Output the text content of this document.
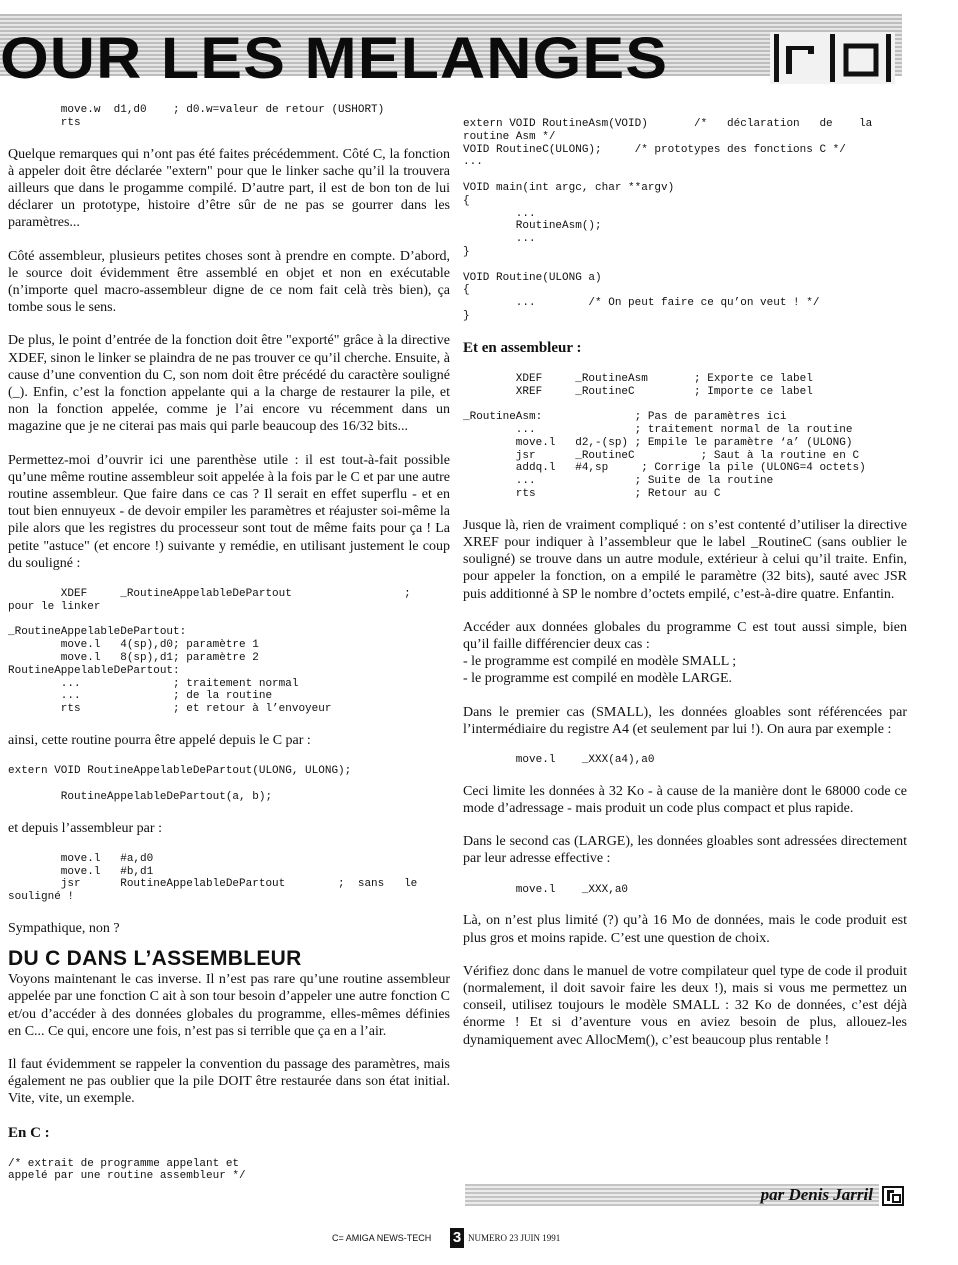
OUR LES MELANGES
move.w  d1,d0    ; d0.w=valeur de retour (USHORT)
rts

Quelque remarques qui n’ont pas été faites précédemment. Côté C, la fonction à appeler doit être déclarée "extern" pour que le linker sache qu’il la trouvera ailleurs que dans le progamme compilé. D’autre part, il est de bon ton de lui déclarer un prototype, histoire d’être sûr de ne pas se gourrer dans les paramètres...

Côté assembleur, plusieurs petites choses sont à prendre en compte. D’abord, le source doit évidemment être assemblé en objet et non en exécutable (n’importe quel macro-assembleur digne de ce nom fait celà très bien), ça tombe sous le sens.

De plus, le point d’entrée de la fonction doit être "exporté" grâce à la directive XDEF, sinon le linker se plaindra de ne pas trouver ce qu’il cherche. Ensuite, à cause d’une convention du C, son nom doit être précédé du caractère souligné (_). Enfin, c’est la fonction appelante qui a la charge de restaurer la pile, et non la fonction appelée, comme je l’ai encore vu récemment dans un magazine que je ne citerai pas mais qui parle beaucoup des 16/32 bits...

Permettez-moi d’ouvrir ici une parenthèse utile : il est tout-à-fait possible qu’une même routine assembleur soit appelée à la fois par le C et par une autre routine assembleur. Que faire dans ce cas ? Il serait en effet superflu - et en tout bien ennuyeux - de devoir empiler les paramètres et réajuster soi-même la pile alors que les registres du processeur sont tout de même faits pour ça ! La petite "astuce" (et encore !) suivante y remédie, en utilisant justement le coup du souligné :

XDEF     _RoutineAppelableDePartout                 ;
pour le linker

_RoutineAppelableDePartout:
move.l   4(sp),d0; paramètre 1
move.l   8(sp),d1; paramètre 2
RoutineAppelableDePartout:
...              ; traitement normal
...              ; de la routine
rts              ; et retour à l’envoyeur

ainsi, cette routine pourra être appelé depuis le C par :

extern VOID RoutineAppelableDePartout(ULONG, ULONG);

RoutineAppelableDePartout(a, b);

et depuis l’assembleur par :

move.l   #a,d0
move.l   #b,d1
jsr      RoutineAppelableDePartout        ;  sans   le
souligné !

Sympathique, non ?

DU C DANS L’ASSEMBLEUR

Voyons maintenant le cas inverse. Il n’est pas rare qu’une routine assembleur appelée par une fonction C ait à son tour besoin d’appeler une autre fonction C et/ou d’accéder à des données globales du programme, elles-mêmes définies en C... Ce qui, encore une fois, n’est pas si terrible que ça en a l’air.

Il faut évidemment se rappeler la convention du passage des paramètres, mais également ne pas oublier que la pile DOIT être restaurée dans son état initial. Vite, vite, un exemple.

En C :
/* extrait de programme appelant et
appelé par une routine assembleur */
extern VOID RoutineAsm(VOID)       /*   déclaration   de    la
routine Asm */
VOID RoutineC(ULONG);     /* prototypes des fonctions C */
...

VOID main(int argc, char **argv)
{
...
RoutineAsm();
...
}

VOID Routine(ULONG a)
{
...        /* On peut faire ce qu’on veut ! */
}
Et en assembleur :
XDEF     _RoutineAsm       ; Exporte ce label
XREF     _RoutineC         ; Importe ce label

_RoutineAsm:              ; Pas de paramètres ici
...               ; traitement normal de la routine
move.l   d2,-(sp) ; Empile le paramètre ‘a’ (ULONG)
jsr      _RoutineC          ; Saut à la routine en C
addq.l   #4,sp     ; Corrige la pile (ULONG=4 octets)
...               ; Suite de la routine
rts               ; Retour au C

Jusque là, rien de vraiment compliqué : on s’est contenté d’utiliser la directive XREF pour indiquer à l’assembleur que le label _RoutineC (sans oublier le souligné) se trouve dans un autre module, extérieur à celui qu’il traite. Enfin, pour appeler la fonction, on a empilé le paramètre (32 bits), sauté avec JSR puis additionné à SP le nombre d’octets empilé, c’est-à-dire quatre. Enfantin.

Accéder aux données globales du programme C est tout aussi simple, bien qu’il faille différencier deux cas :
- le programme est compilé en modèle SMALL ;
- le programme est compilé en modèle LARGE.

Dans le premier cas (SMALL), les données gloables sont référencées par l’intermédiaire du registre A4 (et seulement par lui !). On aura par exemple :

move.l    _XXX(a4),a0

Ceci limite les données à 32 Ko - à cause de la manière dont le 68000 code ce mode d’adressage - mais produit un code plus compact et plus rapide.

Dans le second cas (LARGE), les données gloables sont adressées directement par leur adresse effective :

move.l    _XXX,a0

Là, on n’est plus limité (?) qu’à 16 Mo de données, mais le code produit est plus gros et moins rapide. C’est une question de choix.

Vérifiez donc dans le manuel de votre compilateur quel type de code il produit (normalement, il doit savoir faire les deux !), mais si vous me permettez un conseil, utilisez toujours le modèle SMALL : 32 Ko de données, c’est déjà énorme ! Et si d’aventure vous en aviez besoin de plus, allouez-les dynamiquement avec AllocMem(), c’est beaucoup plus rentable !

par Denis Jarril
C= AMIGA NEWS-TECH 3 NUMERO 23 JUIN 1991
